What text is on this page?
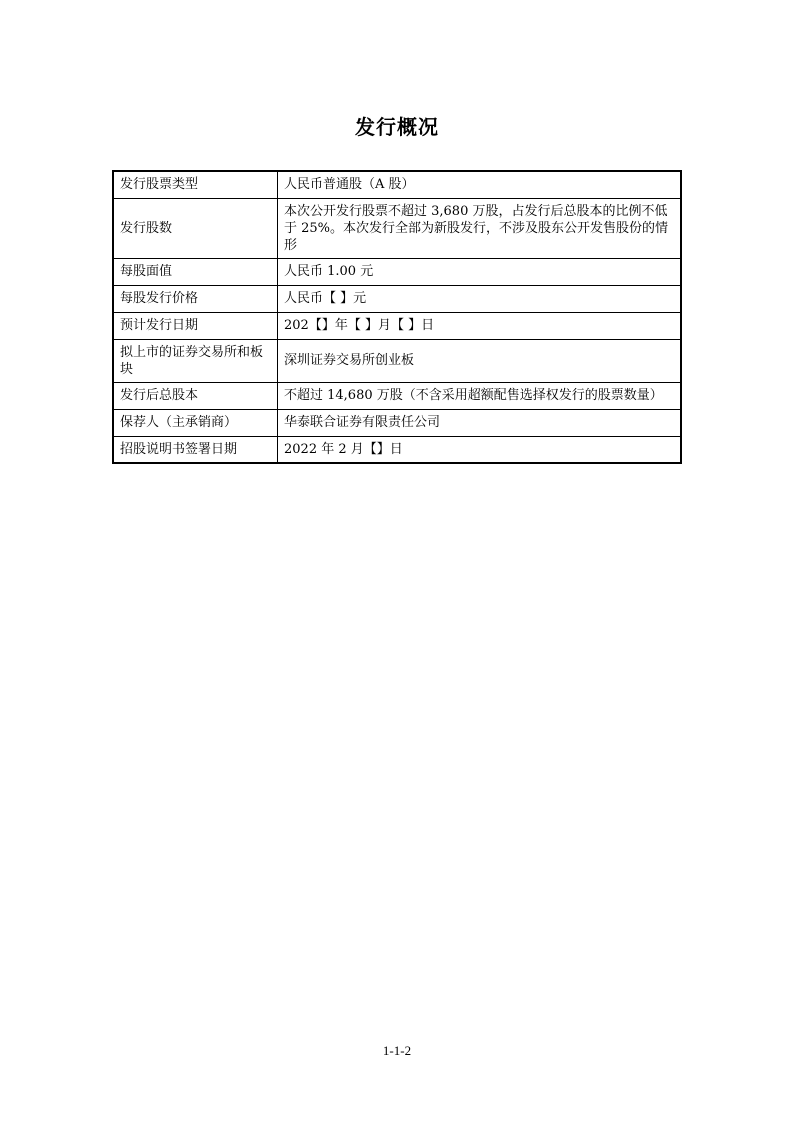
发行概况
发行股票类型	人民币普通股（A 股）
发行股数	本次公开发行股票不超过 3,680 万股，占发行后总股本的比例不低于 25%。本次发行全部为新股发行，不涉及股东公开发售股份的情形
每股面值	人民币 1.00 元
每股发行价格	人民币【 】元
预计发行日期	202【】年【 】月【 】日
拟上市的证券交易所和板块	深圳证券交易所创业板
发行后总股本	不超过 14,680 万股（不含采用超额配售选择权发行的股票数量）
保荐人（主承销商）	华泰联合证券有限责任公司
招股说明书签署日期	2022 年 2 月【】日
1-1-2
